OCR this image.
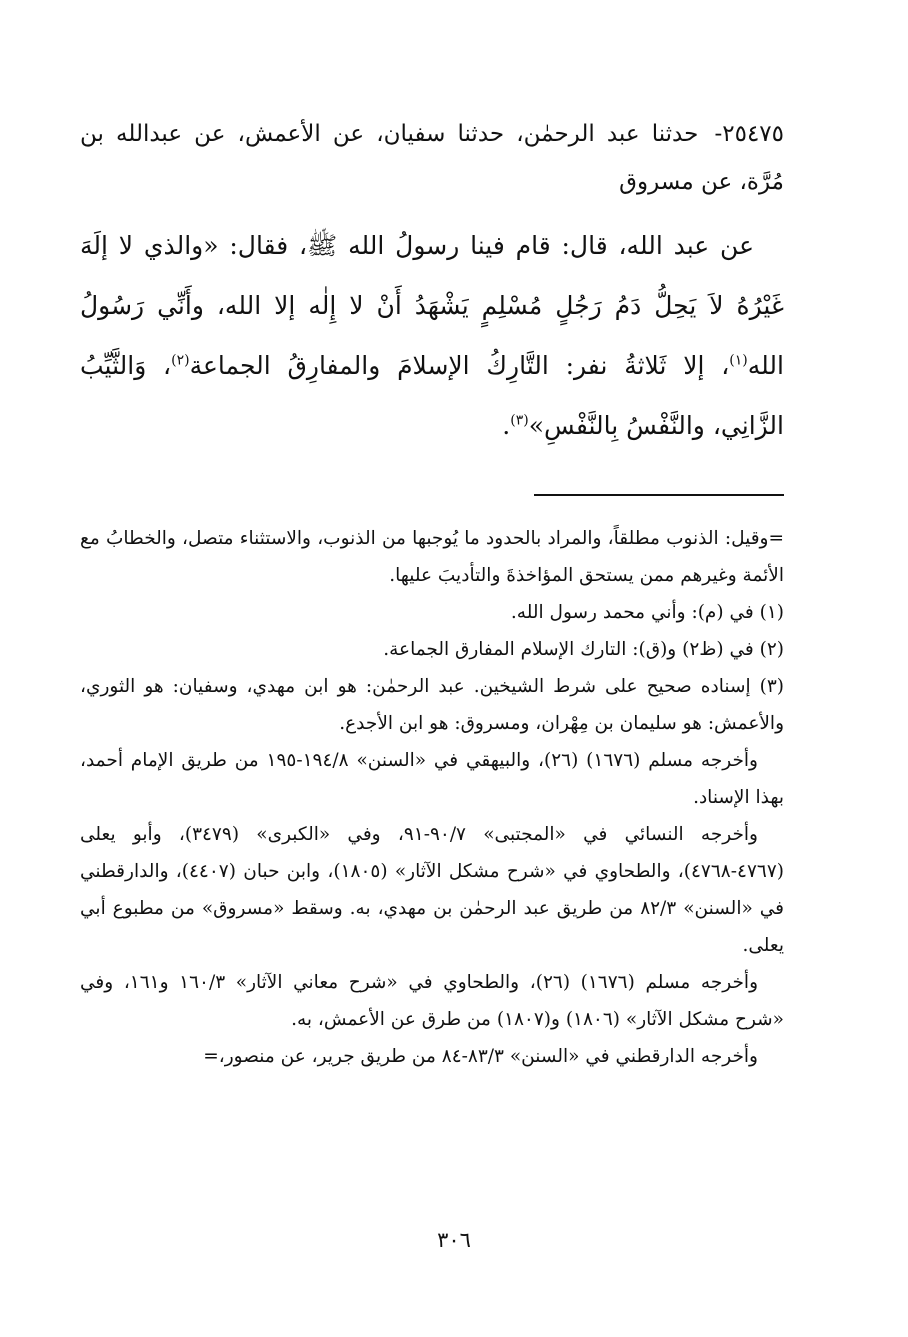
٢٥٤٧٥- حدثنا عبد الرحمٰن، حدثنا سفيان، عن الأعمش، عن عبدالله بن مُرَّة، عن مسروق

عن عبد الله، قال: قام فينا رسولُ الله ﷺ، فقال: «والذي لا إلَهَ غَيْرُهُ لاَ يَحِلُّ دَمُ رَجُلٍ مُسْلِمٍ يَشْهَدُ أَنْ لا إِلٰه إلا الله، وأَنِّي رَسُولُ الله$^{(١)}$، إلا ثَلاثةُ نفر: التَّارِكُ الإسلامَ والمفارِقُ الجماعة$^{(٢)}$، وَالثَّيِّبُ الزَّانِي، والنَّفْسُ بِالنَّفْسِ»$^{(٣)}$.

=وقيل: الذنوب مطلقاً، والمراد بالحدود ما يُوجبها من الذنوب، والاستثناء متصل، والخطابُ مع الأئمة وغيرهم ممن يستحق المؤاخذةَ والتأديبَ عليها.

(١) في (م): وأني محمد رسول الله.

(٢) في (ظ٢) و(ق): التارك الإسلام المفارق الجماعة.

(٣) إسناده صحيح على شرط الشيخين. عبد الرحمٰن: هو ابن مهدي، وسفيان: هو الثوري، والأعمش: هو سليمان بن مِهْران، ومسروق: هو ابن الأجدع.

وأخرجه مسلم (١٦٧٦) (٢٦)، والبيهقي في «السنن» ١٩٤/٨-١٩٥ من طريق الإمام أحمد، بهذا الإسناد.

وأخرجه النسائي في «المجتبى» ٩٠/٧-٩١، وفي «الكبرى» (٣٤٧٩)، وأبو يعلى (٤٧٦٧-٤٧٦٨)، والطحاوي في «شرح مشكل الآثار» (١٨٠٥)، وابن حبان (٤٤٠٧)، والدارقطني في «السنن» ٨٢/٣ من طريق عبد الرحمٰن بن مهدي، به. وسقط «مسروق» من مطبوع أبي يعلى.

وأخرجه مسلم (١٦٧٦) (٢٦)، والطحاوي في «شرح معاني الآثار» ١٦٠/٣ و١٦١، وفي «شرح مشكل الآثار» (١٨٠٦) و(١٨٠٧) من طرق عن الأعمش، به.

وأخرجه الدارقطني في «السنن» ٨٣/٣-٨٤ من طريق جرير، عن منصور،=

٣٠٦
